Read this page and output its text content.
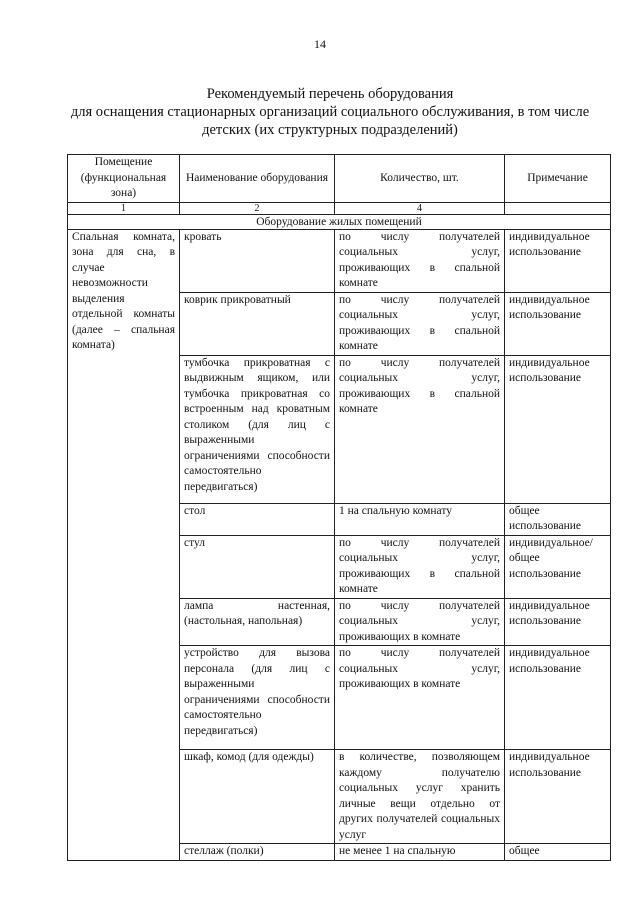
14
Рекомендуемый перечень оборудования
для оснащения стационарных организаций социального обслуживания, в том числе
детских (их структурных подразделений)
Помещение (функциональная зона)	Наименование оборудования	Количество, шт.	Примечание
1	2	4	
Оборудование жилых помещений			
Спальная комната, зона для сна, в случае невозможности выделения отдельной комнаты (далее – спальная комната)	кровать	по числу получателей социальных услуг, проживающих в спальной комнате	индивидуальное использование
	коврик прикроватный	по числу получателей социальных услуг, проживающих в спальной комнате	индивидуальное использование
	тумбочка прикроватная с выдвижным ящиком, или тумбочка прикроватная со встроенным над кроватным столиком (для лиц с выраженными ограничениями способности самостоятельно передвигаться)	по числу получателей социальных услуг, проживающих в спальной комнате	индивидуальное использование
	стол	1 на спальную комнату	общее использование
	стул	по числу получателей социальных услуг, проживающих в спальной комнате	индивидуальное/ общее использование
	лампа настенная, (настольная, напольная)	по числу получателей социальных услуг, проживающих в комнате	индивидуальное использование
	устройство для вызова персонала (для лиц с выраженными ограничениями способности самостоятельно передвигаться)	по числу получателей социальных услуг, проживающих в комнате	индивидуальное использование
	шкаф, комод (для одежды)	в количестве, позволяющем каждому получателю социальных услуг хранить личные вещи отдельно от других получателей социальных услуг	индивидуальное использование
	стеллаж (полки)	не менее 1 на спальную	общее
